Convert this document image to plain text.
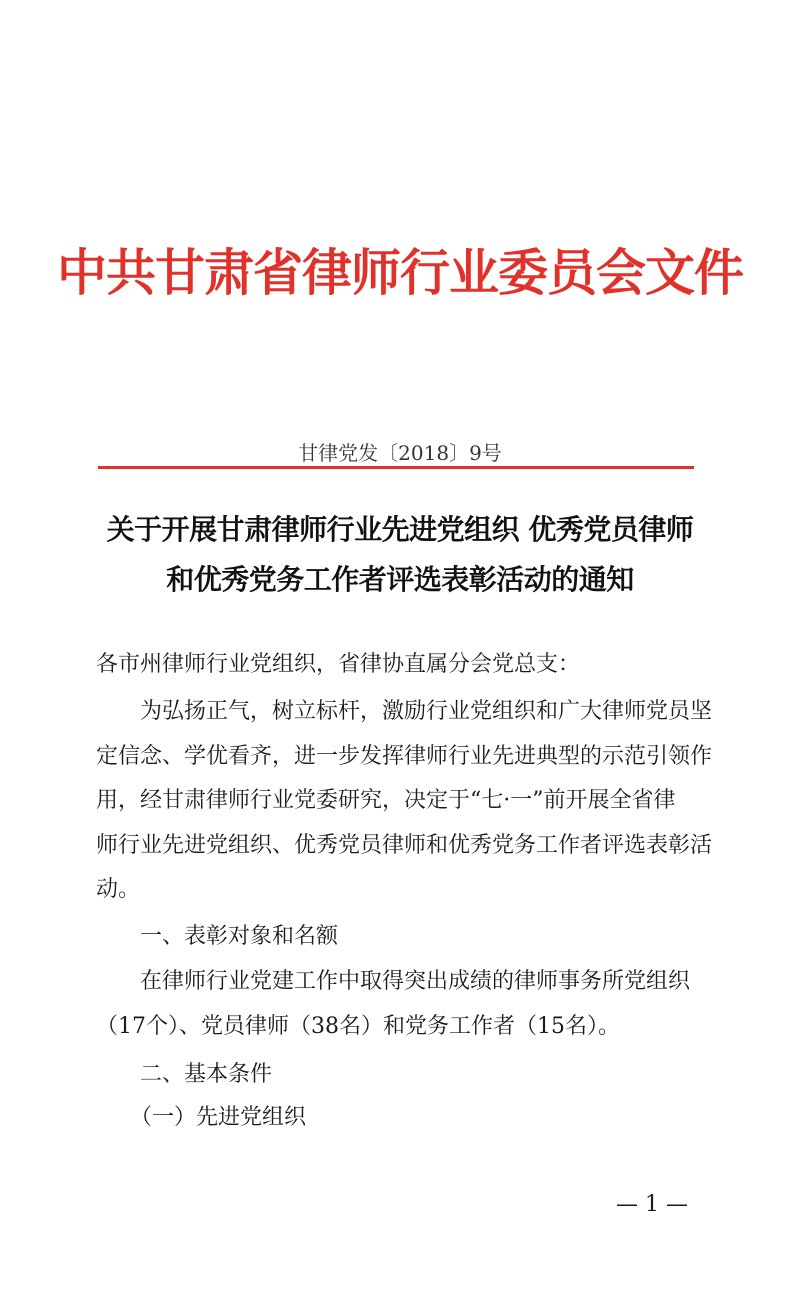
中共甘肃省律师行业委员会文件
甘律党发〔2018〕9号
关于开展甘肃律师行业先进党组织 优秀党员律师
和优秀党务工作者评选表彰活动的通知
各市州律师行业党组织，省律协直属分会党总支：
为弘扬正气，树立标杆，激励行业党组织和广大律师党员坚
定信念、学优看齐，进一步发挥律师行业先进典型的示范引领作
用，经甘肃律师行业党委研究，决定于“七·一”前开展全省律
师行业先进党组织、优秀党员律师和优秀党务工作者评选表彰活
动。
一、表彰对象和名额
在律师行业党建工作中取得突出成绩的律师事务所党组织
（17个）、党员律师（38名）和党务工作者（15名）。
二、基本条件
（一）先进党组织
— 1 —
